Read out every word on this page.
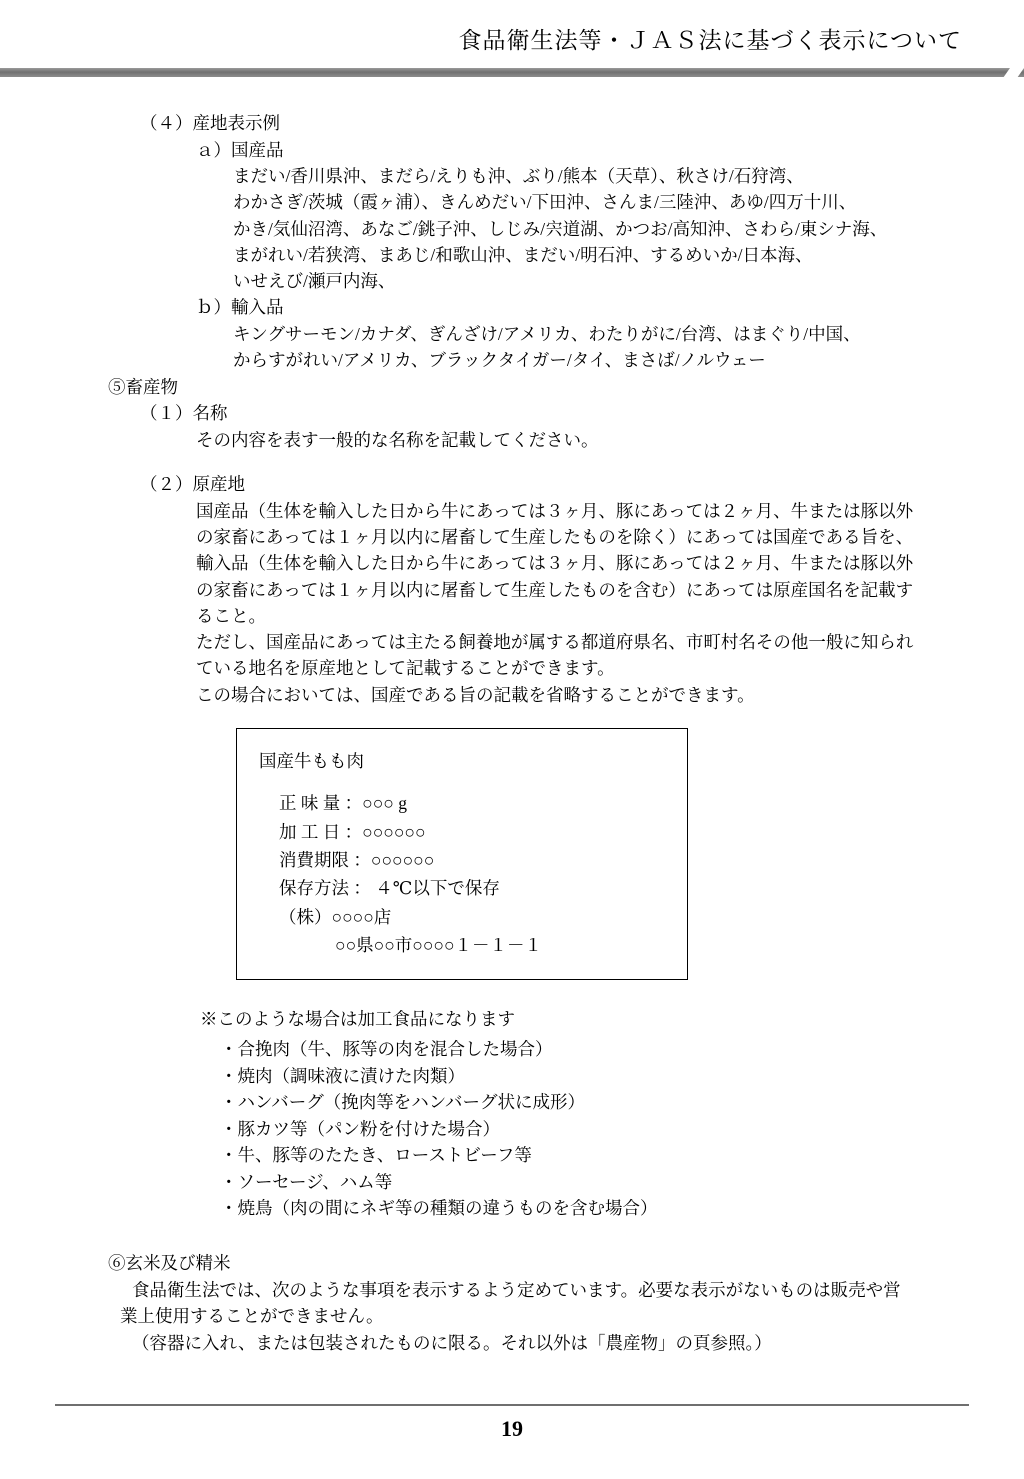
食品衛生法等・ＪＡＳ法に基づく表示について
（４）産地表示例
ａ）国産品
まだい/香川県沖、まだら/えりも沖、ぶり/熊本（天草）、秋さけ/石狩湾、
わかさぎ/茨城（霞ヶ浦）、きんめだい/下田沖、さんま/三陸沖、あゆ/四万十川、
かき/気仙沼湾、あなご/銚子沖、しじみ/宍道湖、かつお/高知沖、さわら/東シナ海、
まがれい/若狭湾、まあじ/和歌山沖、まだい/明石沖、するめいか/日本海、
いせえび/瀬戸内海、
ｂ）輸入品
キングサーモン/カナダ、ぎんざけ/アメリカ、わたりがに/台湾、はまぐり/中国、
からすがれい/アメリカ、ブラックタイガー/タイ、まさば/ノルウェー
⑤畜産物
（１）名称
その内容を表す一般的な名称を記載してください。
（２）原産地
国産品（生体を輸入した日から牛にあっては３ヶ月、豚にあっては２ヶ月、牛または豚以外
の家畜にあっては１ヶ月以内に屠畜して生産したものを除く）にあっては国産である旨を、
輸入品（生体を輸入した日から牛にあっては３ヶ月、豚にあっては２ヶ月、牛または豚以外
の家畜にあっては１ヶ月以内に屠畜して生産したものを含む）にあっては原産国名を記載す
ること。
ただし、国産品にあっては主たる飼養地が属する都道府県名、市町村名その他一般に知られ
ている地名を原産地として記載することができます。
この場合においては、国産である旨の記載を省略することができます。
国産牛もも肉
正 味 量 ：○○○ g
加 工 日 ：○○○○○○
消費期限 ：○○○○○○
保存方法 ： ４℃以下で保存
（株）○○○○店
○○県○○市○○○○１－１－１
※このような場合は加工食品になります
・合挽肉（牛、豚等の肉を混合した場合）
・焼肉（調味液に漬けた肉類）
・ハンバーグ（挽肉等をハンバーグ状に成形）
・豚カツ等（パン粉を付けた場合）
・牛、豚等のたたき、ローストビーフ等
・ソーセージ、ハム等
・焼鳥（肉の間にネギ等の種類の違うものを含む場合）
⑥玄米及び精米
食品衛生法では、次のような事項を表示するよう定めています。必要な表示がないものは販売や営
業上使用することができません。
（容器に入れ、または包装されたものに限る。それ以外は「農産物」の頁参照。）
19
